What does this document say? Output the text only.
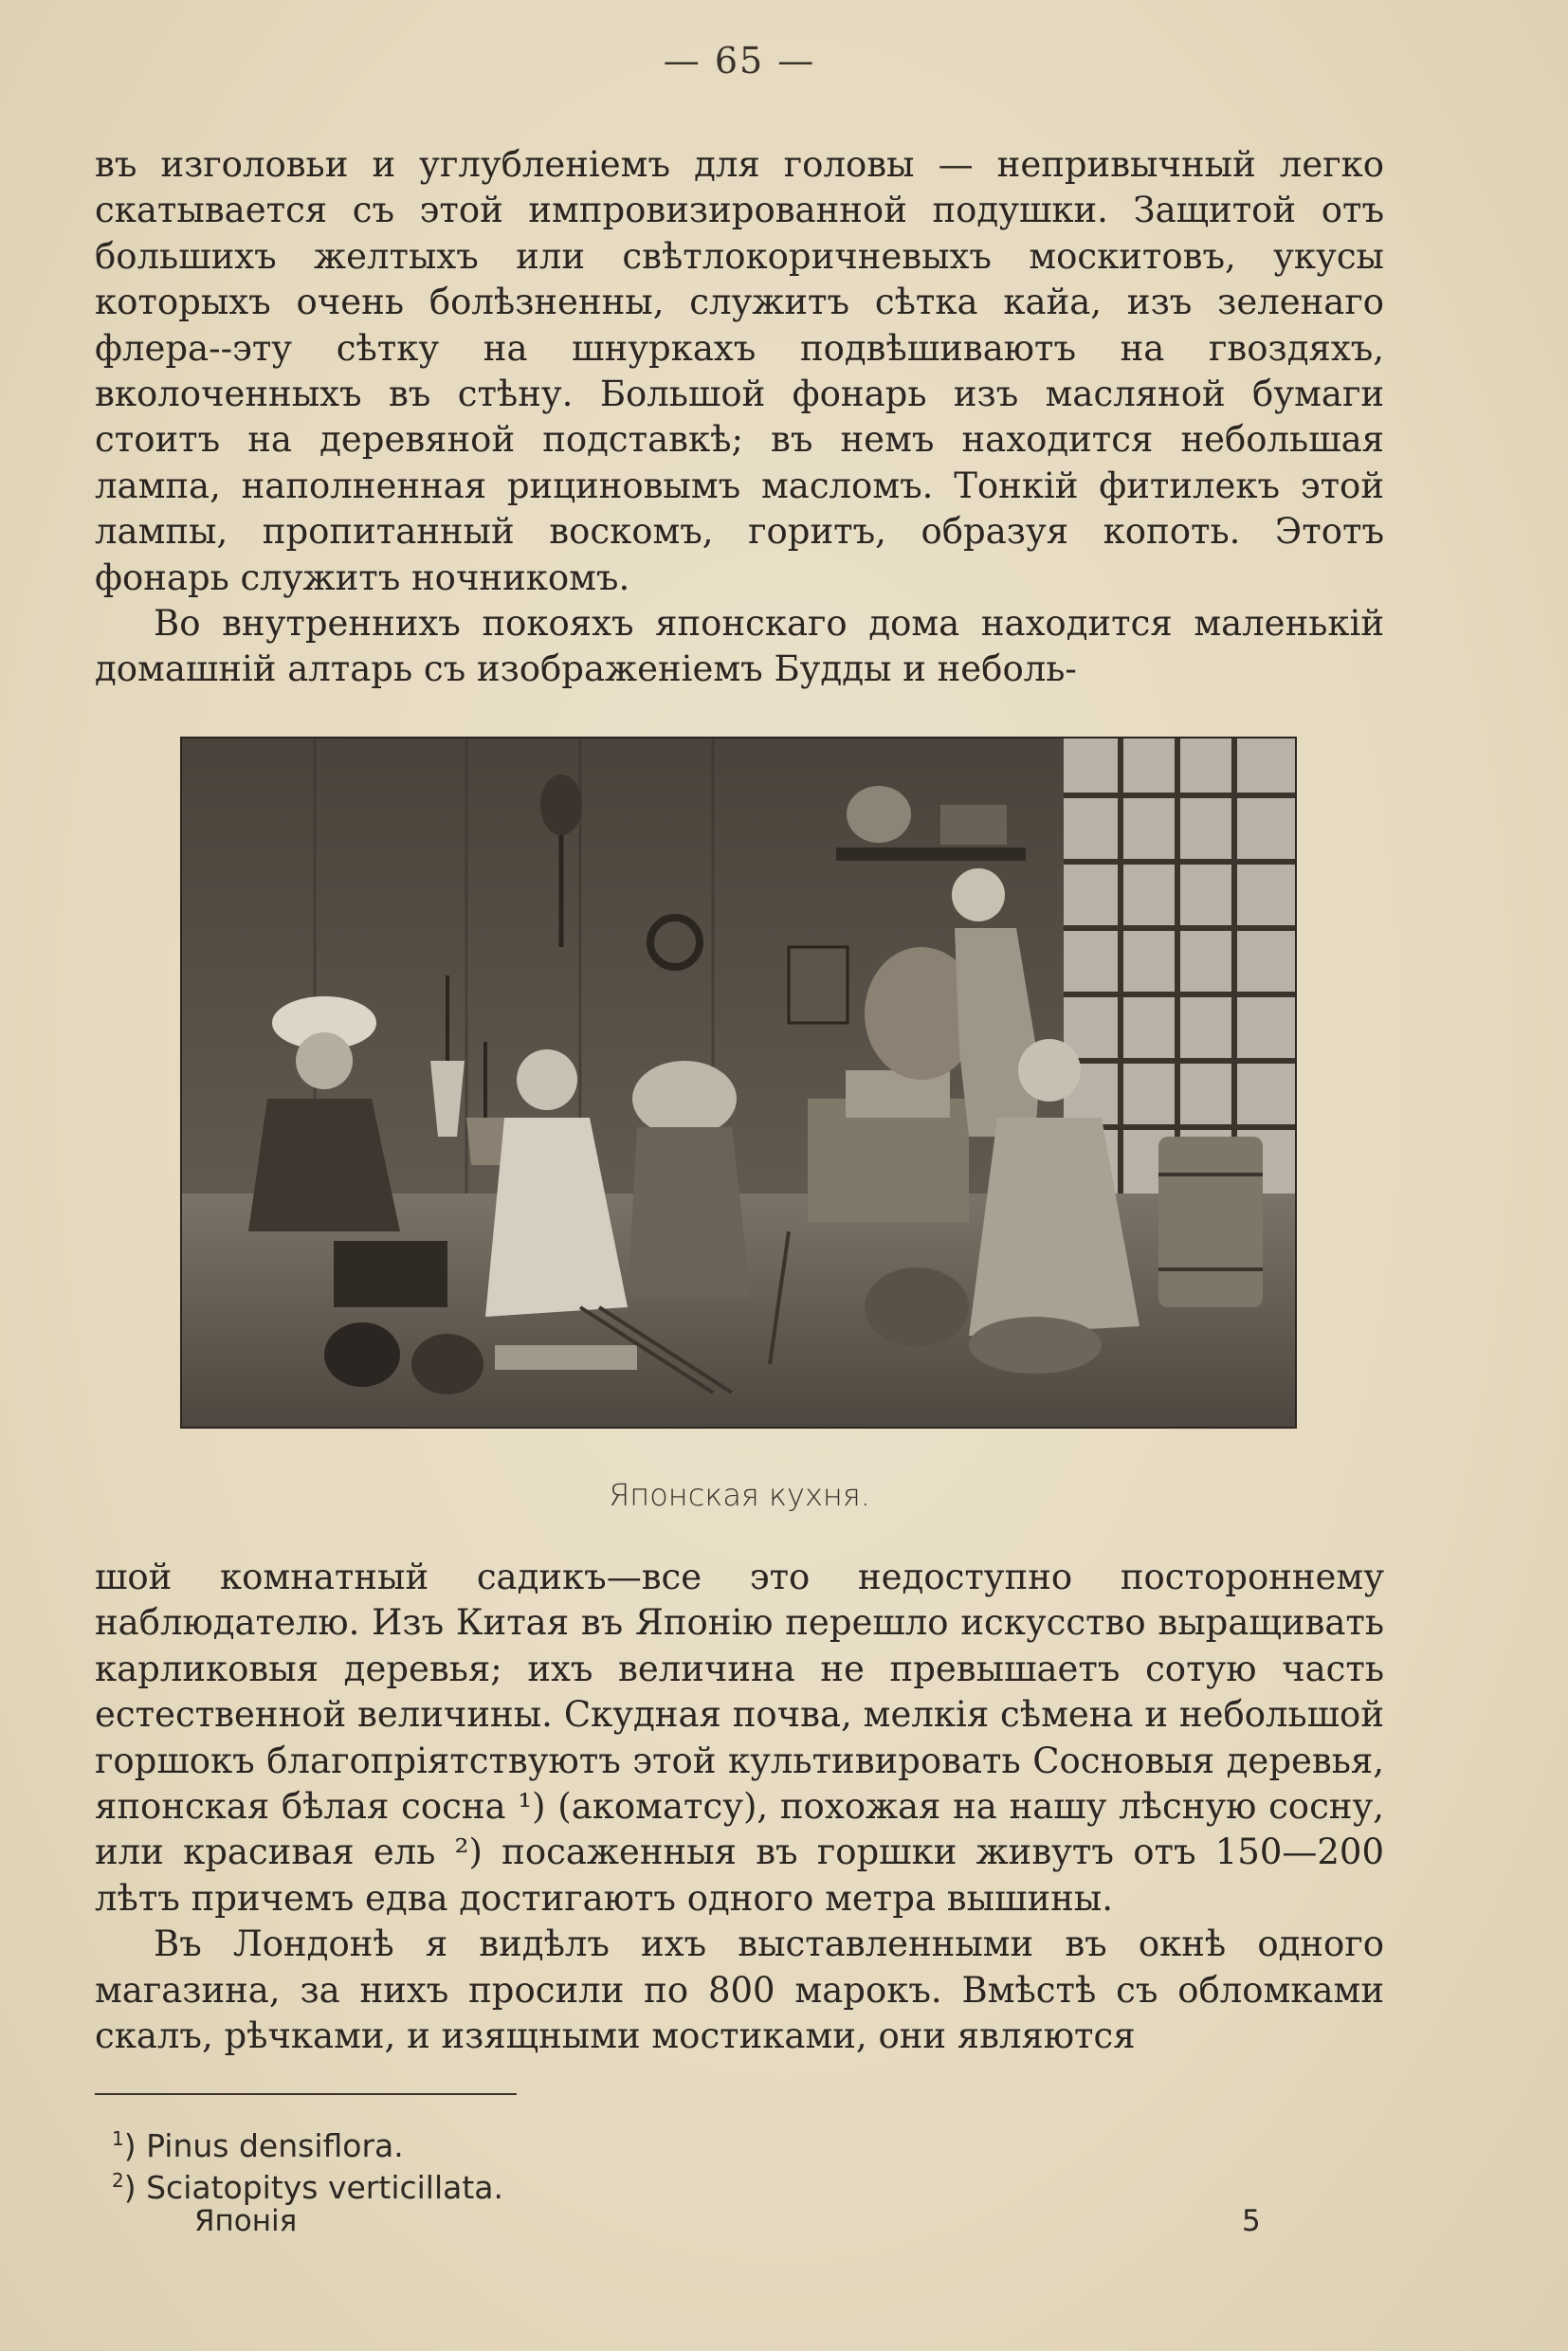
— 65 —

въ изголовьи и углубленіемъ для головы — непривычный легко скатывается съ этой импровизированной подушки. Защитой отъ большихъ желтыхъ или свѣтлокоричневыхъ москитовъ, укусы которыхъ очень болѣзненны, служитъ сѣтка кайа, изъ зеленаго флера--эту сѣтку на шнуркахъ подвѣшиваютъ на гвоздяхъ, вколоченныхъ въ стѣну. Большой фонарь изъ масляной бумаги стоитъ на деревяной подставкѣ; въ немъ находится небольшая лампа, наполненная рициновымъ масломъ. Тонкій фитилекъ этой лампы, пропитанный воскомъ, горитъ, образуя копоть. Этотъ фонарь служитъ ночникомъ.

Во внутреннихъ покояхъ японскаго дома находится маленькій домашній алтарь съ изображеніемъ Будды и неболь-

Японская кухня.

шой комнатный садикъ—все это недоступно постороннему наблюдателю. Изъ Китая въ Японію перешло искусство выращивать карликовыя деревья; ихъ величина не превышаетъ сотую часть естественной величины. Скудная почва, мелкія сѣмена и небольшой горшокъ благопріятствуютъ этой культивировать Сосновыя деревья, японская бѣлая сосна ¹) (акоматсу), похожая на нашу лѣсную сосну, или красивая ель ²) посаженныя въ горшки живутъ отъ 150—200 лѣтъ причемъ едва достигаютъ одного метра вышины.

Въ Лондонѣ я видѣлъ ихъ выставленными въ окнѣ одного магазина, за нихъ просили по 800 марокъ. Вмѣстѣ съ обломками скалъ, рѣчками, и изящными мостиками, они являются

$^1$) Pinus densiflora.
$^2$) Sciatopitys verticillata.
Японія	5
